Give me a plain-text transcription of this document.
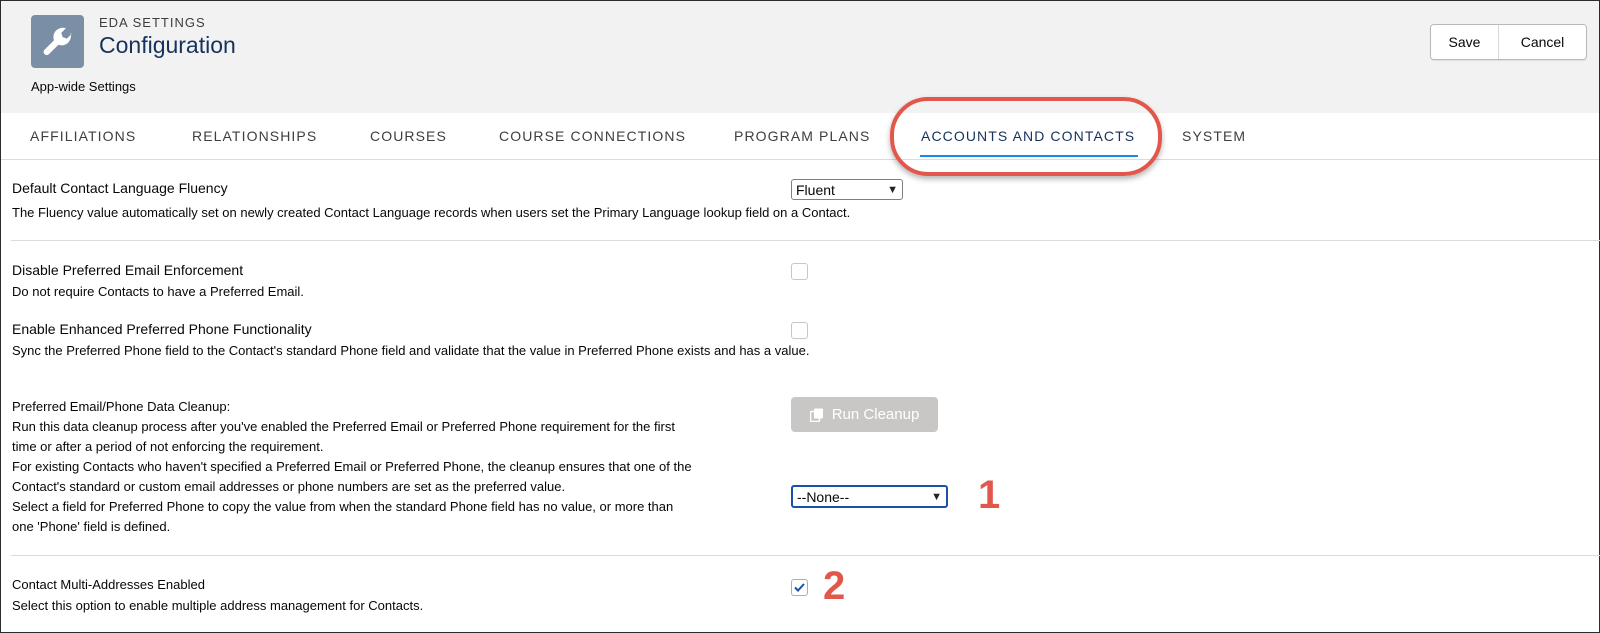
EDA SETTINGS
Configuration
App-wide Settings
Save	Cancel
AFFILIATIONS	RELATIONSHIPS	COURSES	COURSE CONNECTIONS	PROGRAM PLANS	ACCOUNTS AND CONTACTS	SYSTEM
Default Contact Language Fluency
The Fluency value automatically set on newly created Contact Language records when users set the Primary Language lookup field on a Contact.
Fluent	▼
Disable Preferred Email Enforcement
Do not require Contacts to have a Preferred Email.
Enable Enhanced Preferred Phone Functionality
Sync the Preferred Phone field to the Contact's standard Phone field and validate that the value in Preferred Phone exists and has a value.
Preferred Email/Phone Data Cleanup:
Run this data cleanup process after you've enabled the Preferred Email or Preferred Phone requirement for the first
time or after a period of not enforcing the requirement.
For existing Contacts who haven't specified a Preferred Email or Preferred Phone, the cleanup ensures that one of the
Contact's standard or custom email addresses or phone numbers are set as the preferred value.
Select a field for Preferred Phone to copy the value from when the standard Phone field has no value, or more than
one 'Phone' field is defined.
Run Cleanup
--None--	▼ 1
Contact Multi-Addresses Enabled
Select this option to enable multiple address management for Contacts.	2
